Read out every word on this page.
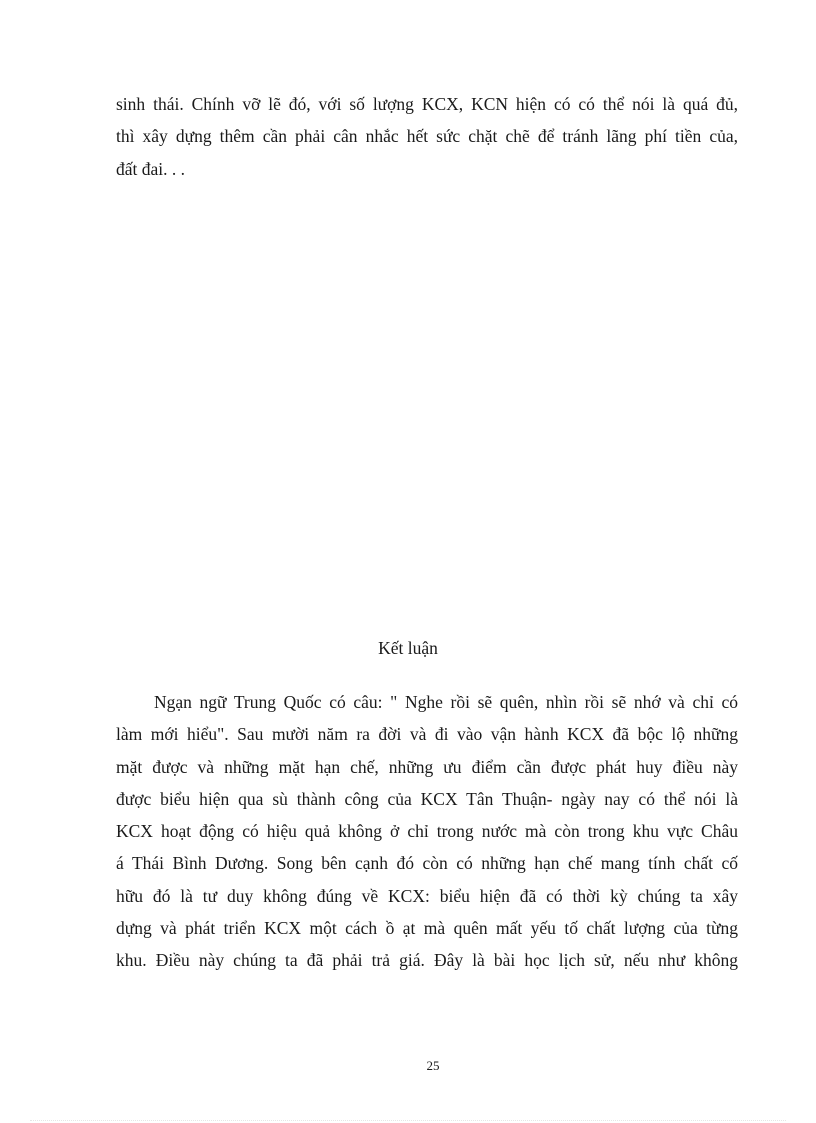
sinh thái. Chính vỡ lẽ đó, với số lượng KCX, KCN hiện có có thể nói là quá đủ,
thì xây dựng thêm cần phải cân nhắc hết sức chặt chẽ để tránh lãng phí tiền của,
đất đai. . .
Kết luận
Ngạn ngữ Trung Quốc có câu: " Nghe rồi sẽ quên, nhìn rồi sẽ nhớ và chỉ có
làm mới hiểu". Sau mười năm ra đời và đi vào vận hành KCX đã bộc lộ những
mặt được và những mặt hạn chế, những ưu điểm cần được phát huy điều này
được biểu hiện qua sù thành công của KCX Tân Thuận- ngày nay có thể nói là
KCX hoạt động có hiệu quả không ở chỉ trong nước mà còn trong khu vực Châu
á Thái Bình Dương. Song bên cạnh đó còn có những hạn chế mang tính chất cố
hữu đó là tư duy không đúng về KCX: biểu hiện đã có thời kỳ chúng ta xây
dựng và phát triển KCX một cách ồ ạt mà quên mất yếu tố chất lượng của từng
khu. Điều này chúng ta đã phải trả giá. Đây là bài học lịch sử, nếu như không
25
